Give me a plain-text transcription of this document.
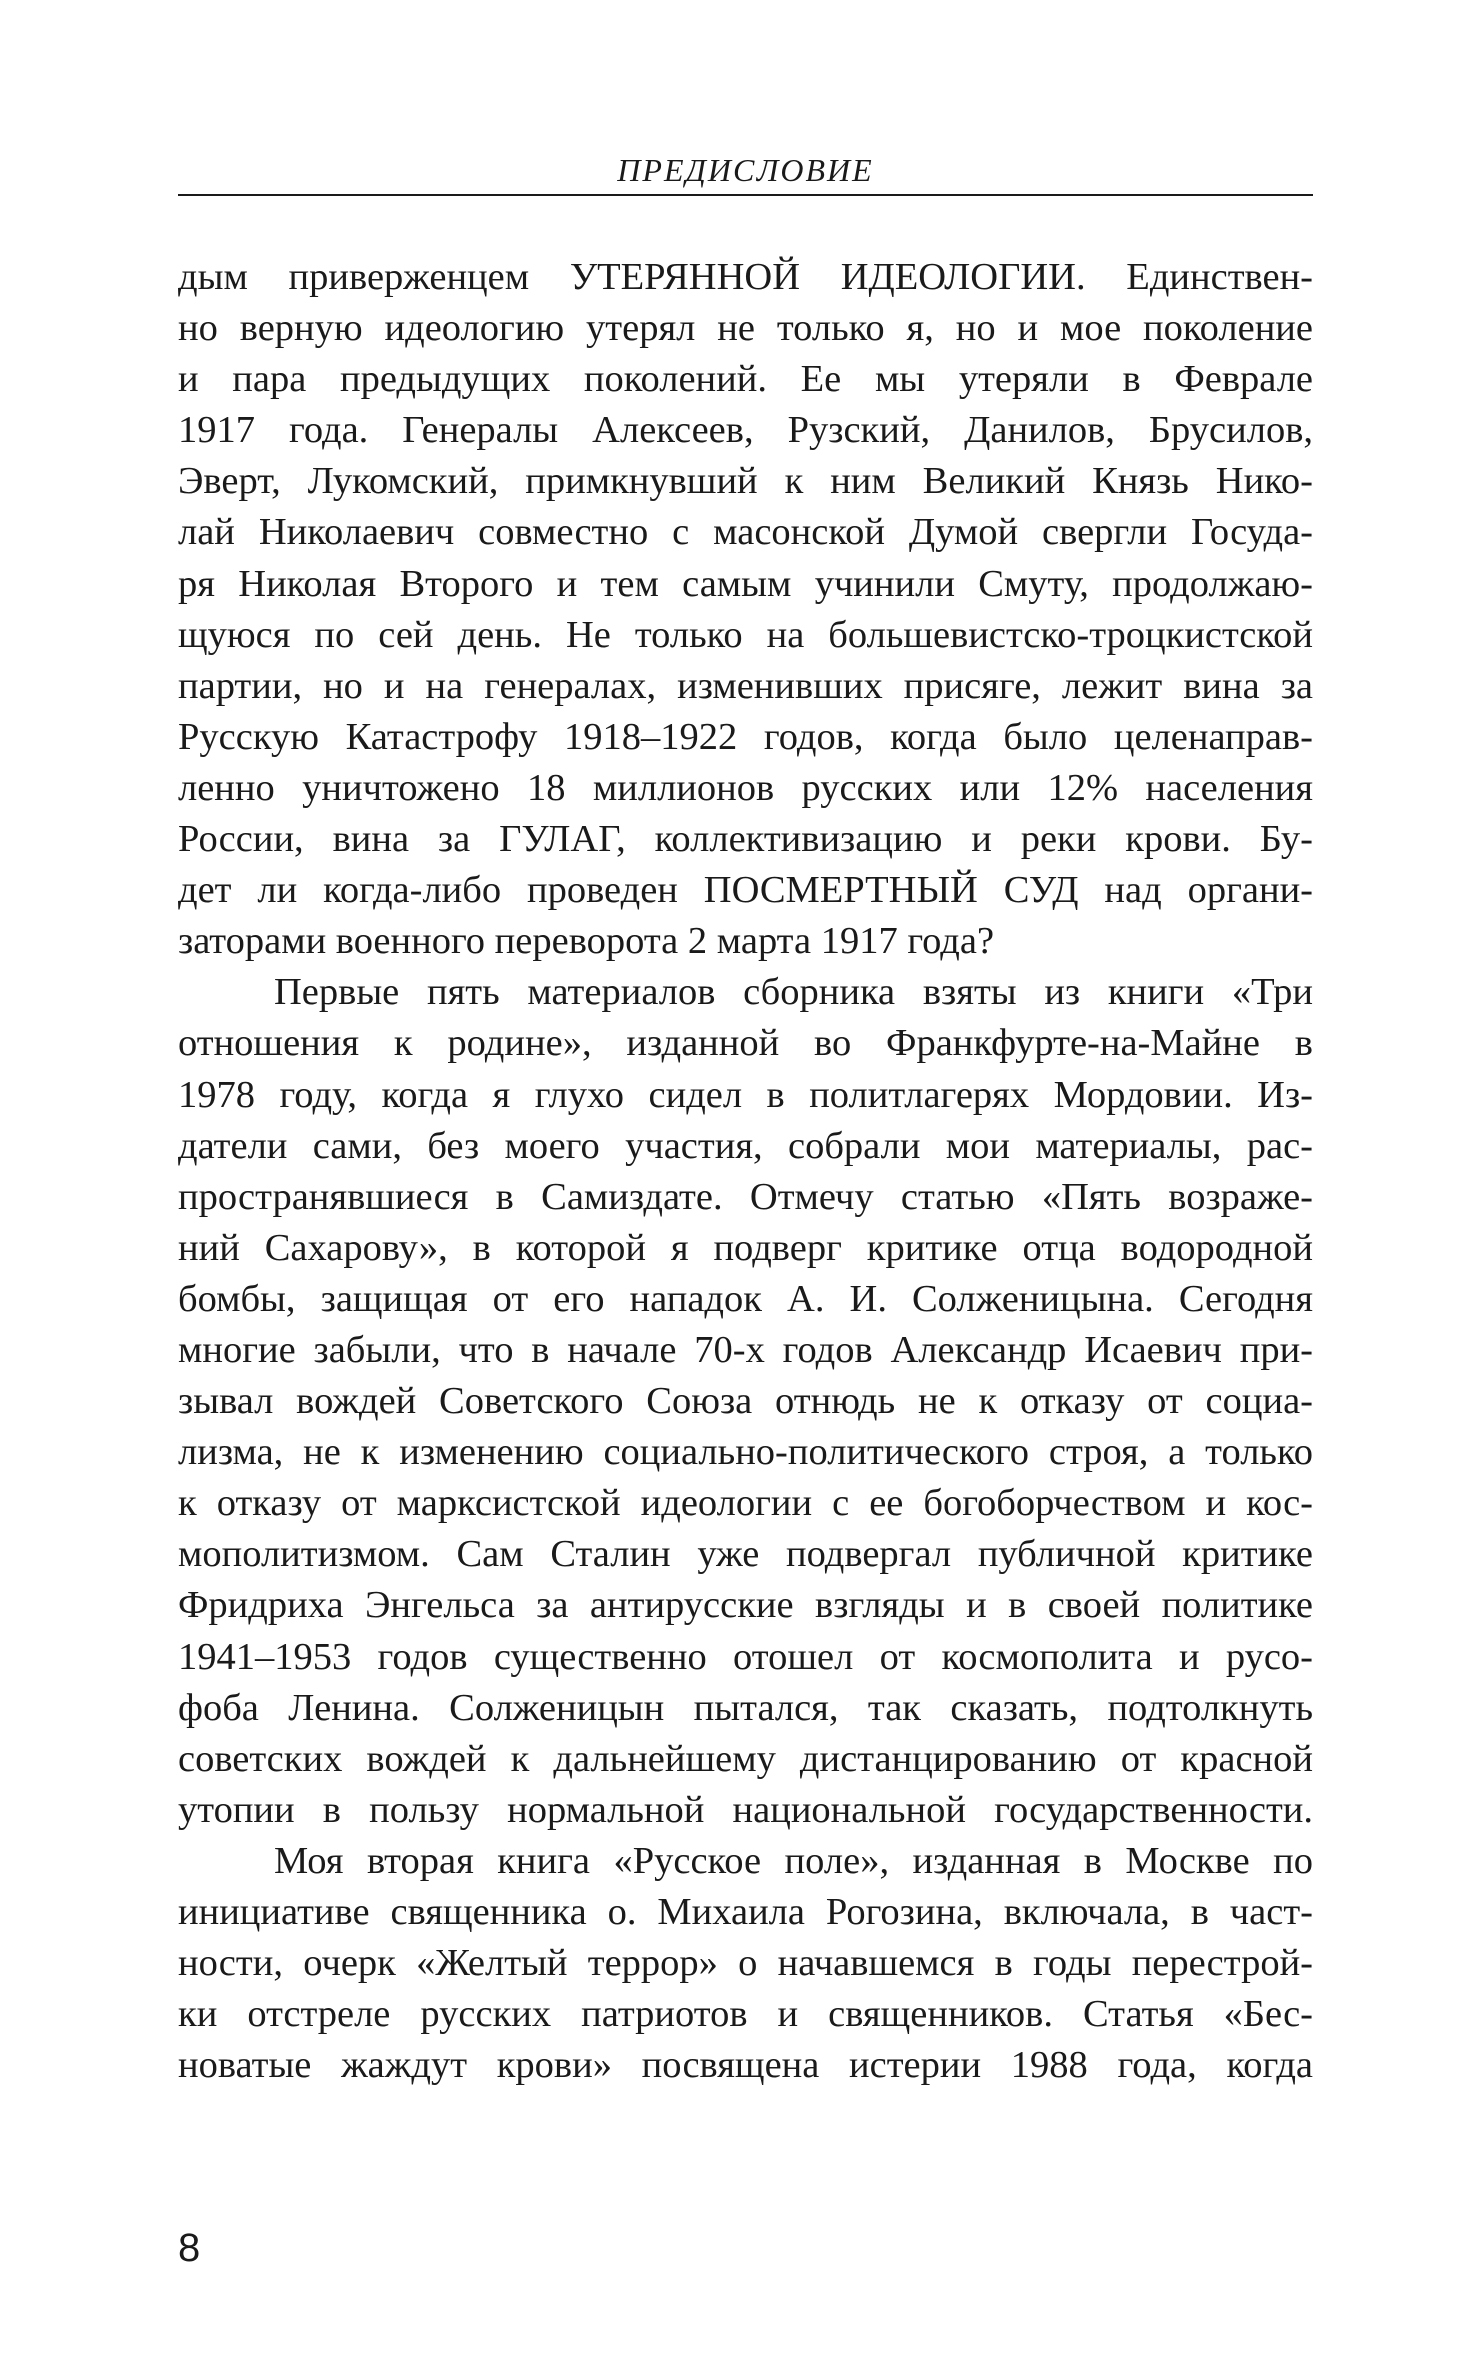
ПРЕДИСЛОВИЕ

дым приверженцем УТЕРЯННОЙ ИДЕОЛОГИИ. Единствен-
но верную идеологию утерял не только я, но и мое поколение
и пара предыдущих поколений. Ее мы утеряли в Феврале
1917 года. Генералы Алексеев, Рузский, Данилов, Брусилов,
Эверт, Лукомский, примкнувший к ним Великий Князь Нико-
лай Николаевич совместно с масонской Думой свергли Госуда-
ря Николая Второго и тем самым учинили Смуту, продолжаю-
щуюся по сей день. Не только на большевистско-троцкистской
партии, но и на генералах, изменивших присяге, лежит вина за
Русскую Катастрофу 1918–1922 годов, когда было целенаправ-
ленно уничтожено 18 миллионов русских или 12% населения
России, вина за ГУЛАГ, коллективизацию и реки крови. Бу-
дет ли когда-либо проведен ПОСМЕРТНЫЙ СУД над органи-
заторами военного переворота 2 марта 1917 года?

Первые пять материалов сборника взяты из книги «Три
отношения к родине», изданной во Франкфурте-на-Майне в
1978 году, когда я глухо сидел в политлагерях Мордовии. Из-
датели сами, без моего участия, собрали мои материалы, рас-
пространявшиеся в Самиздате. Отмечу статью «Пять возраже-
ний Сахарову», в которой я подверг критике отца водородной
бомбы, защищая от его нападок А. И. Солженицына. Сегодня
многие забыли, что в начале 70-х годов Александр Исаевич при-
зывал вождей Советского Союза отнюдь не к отказу от социа-
лизма, не к изменению социально-политического строя, а только
к отказу от марксистской идеологии с ее богоборчеством и кос-
мополитизмом. Сам Сталин уже подвергал публичной критике
Фридриха Энгельса за антирусские взгляды и в своей политике
1941–1953 годов существенно отошел от космополита и русо-
фоба Ленина. Солженицын пытался, так сказать, подтолкнуть
советских вождей к дальнейшему дистанцированию от красной
утопии в пользу нормальной национальной государственности.

Моя вторая книга «Русское поле», изданная в Москве по
инициативе священника о. Михаила Рогозина, включала, в част-
ности, очерк «Желтый террор» о начавшемся в годы перестрой-
ки отстреле русских патриотов и священников. Статья «Бес-
новатые жаждут крови» посвящена истерии 1988 года, когда

8
